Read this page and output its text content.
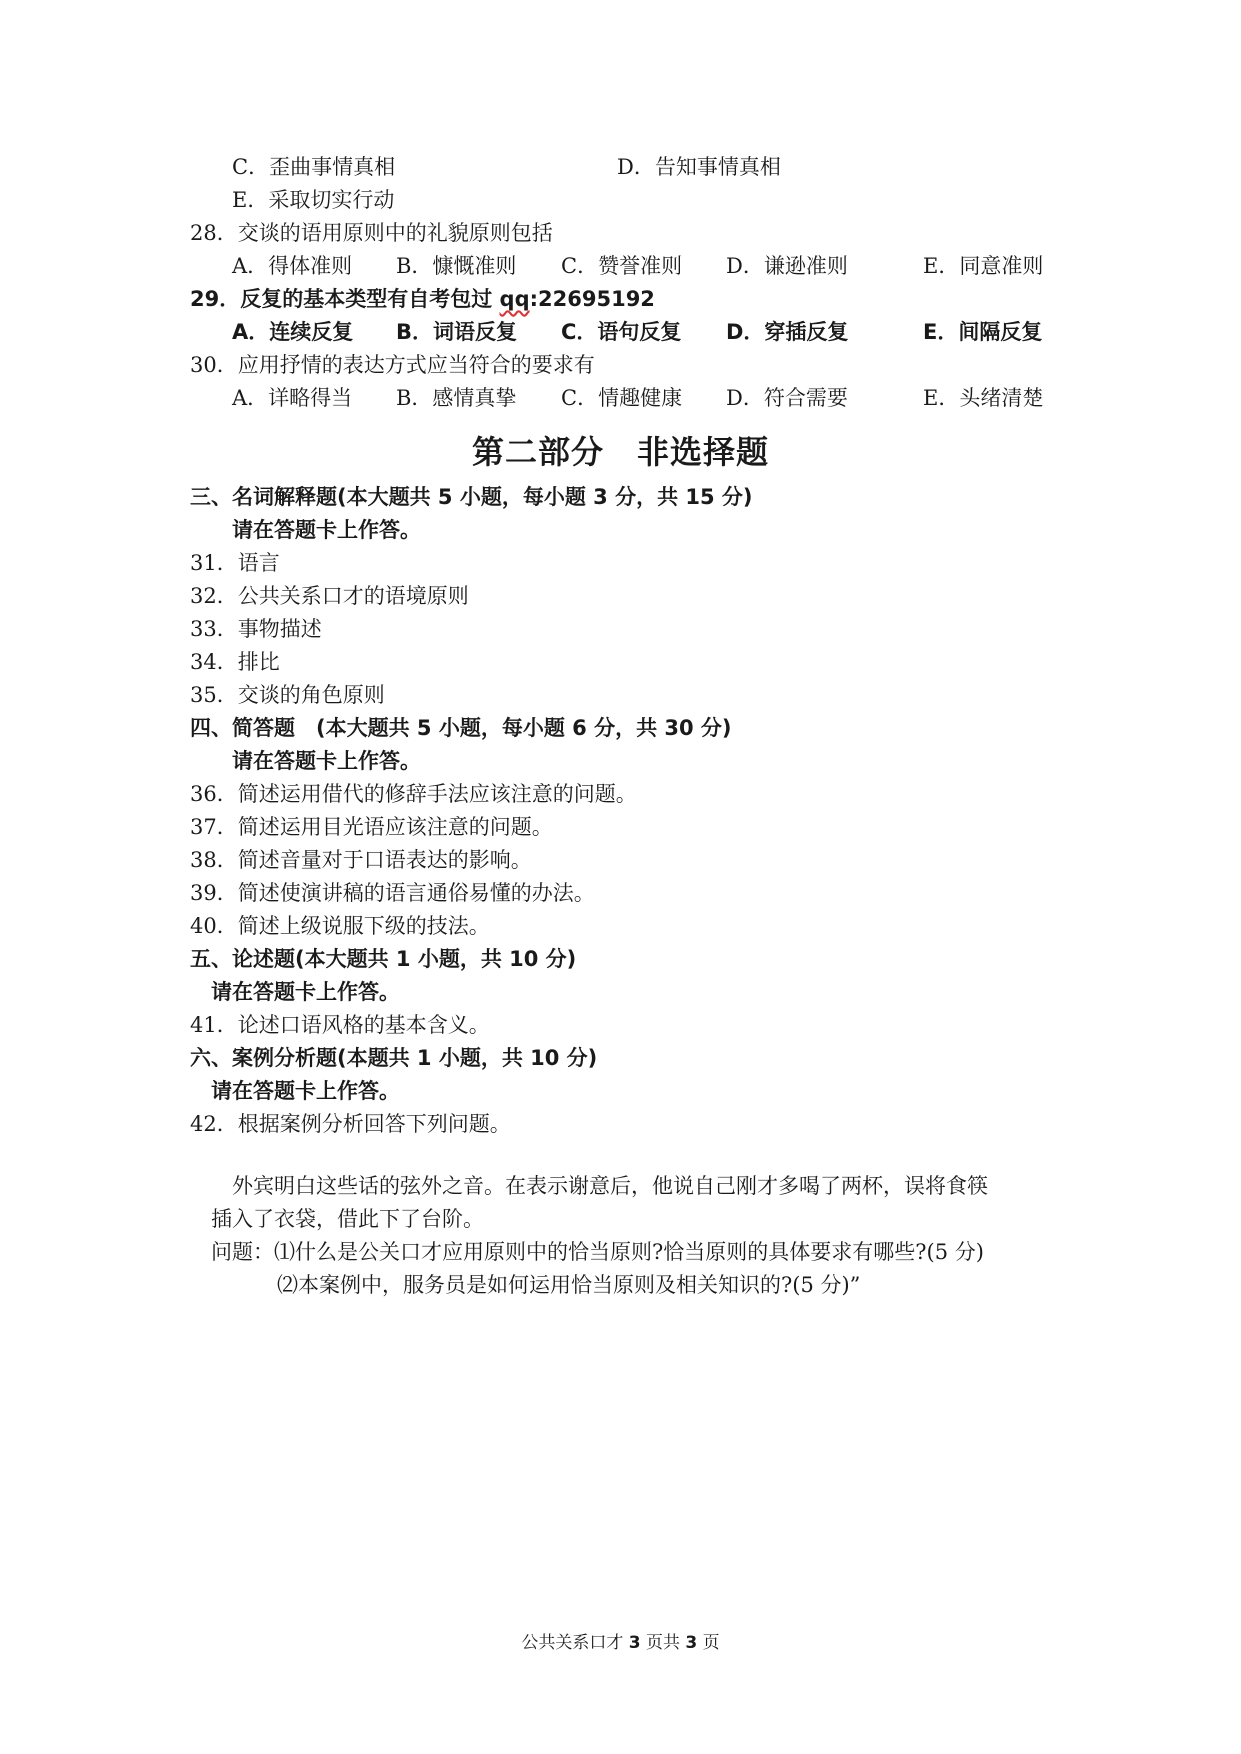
C．歪曲事情真相	D．告知事情真相
E．采取切实行动
28．交谈的语用原则中的礼貌原则包括
A．得体准则 B．慷慨准则 C．赞誉准则 D．谦逊准则	E．同意准则
29．反复的基本类型有自考包过 qq:22695192
A．连续反复 B．词语反复 C．语句反复 D．穿插反复	E．间隔反复
30．应用抒情的表达方式应当符合的要求有
A．详略得当 B．感情真挚 C．情趣健康 D．符合需要	E．头绪清楚
第二部分　非选择题
三、名词解释题(本大题共 5 小题，每小题 3 分，共 15 分)
请在答题卡上作答。
31．语言
32．公共关系口才的语境原则
33．事物描述
34．排比
35．交谈的角色原则
四、简答题　(本大题共 5 小题，每小题 6 分，共 30 分)
请在答题卡上作答。
36．简述运用借代的修辞手法应该注意的问题。
37．简述运用目光语应该注意的问题。
38．简述音量对于口语表达的影响。
39．简述使演讲稿的语言通俗易懂的办法。
40．简述上级说服下级的技法。
五、论述题(本大题共 1 小题，共 10 分)
请在答题卡上作答。
41．论述口语风格的基本含义。
六、案例分析题(本题共 1 小题，共 10 分)
请在答题卡上作答。
42．根据案例分析回答下列问题。
外宾明白这些话的弦外之音。在表示谢意后，他说自己刚才多喝了两杯，误将食筷
插入了衣袋，借此下了台阶。
问题：⑴什么是公关口才应用原则中的恰当原则?恰当原则的具体要求有哪些?(5 分)
⑵本案例中，服务员是如何运用恰当原则及相关知识的?(5 分)”
公共关系口才 3 页共 3 页
